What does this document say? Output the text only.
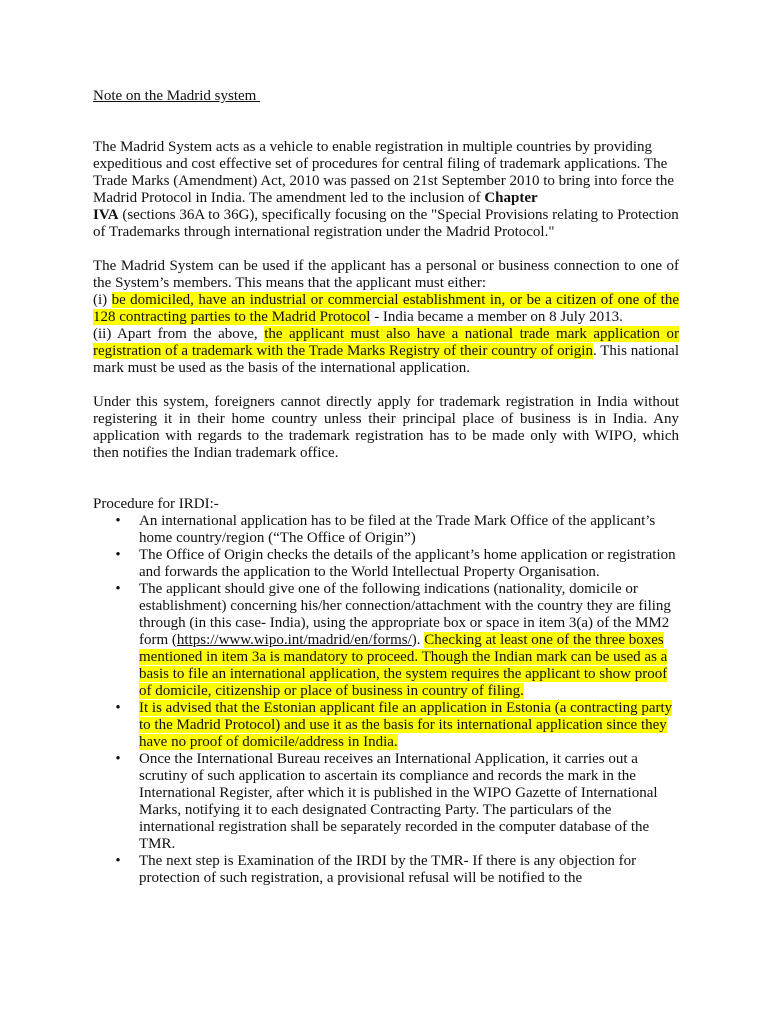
Note on the Madrid system

The Madrid System acts as a vehicle to enable registration in multiple countries by providing expeditious and cost effective set of procedures for central filing of trademark applications. The Trade Marks (Amendment) Act, 2010 was passed on 21st September 2010 to bring into force the Madrid Protocol in India. The amendment led to the inclusion of Chapter
IVA (sections 36A to 36G), specifically focusing on the "Special Provisions relating to Protection of Trademarks through international registration under the Madrid Protocol."

The Madrid System can be used if the applicant has a personal or business connection to one of the System’s members. This means that the applicant must either:
(i) be domiciled, have an industrial or commercial establishment in, or be a citizen of one of the 128 contracting parties to the Madrid Protocol - India became a member on 8 July 2013.
(ii) Apart from the above, the applicant must also have a national trade mark application or registration of a trademark with the Trade Marks Registry of their country of origin. This national mark must be used as the basis of the international application.

Under this system, foreigners cannot directly apply for trademark registration in India without registering it in their home country unless their principal place of business is in India. Any application with regards to the trademark registration has to be made only with WIPO, which then notifies the Indian trademark office.

Procedure for IRDI:-
• An international application has to be filed at the Trade Mark Office of the applicant’s home country/region (“The Office of Origin”)
• The Office of Origin checks the details of the applicant’s home application or registration and forwards the application to the World Intellectual Property Organisation.
• The applicant should give one of the following indications (nationality, domicile or establishment) concerning his/her connection/attachment with the country they are filing through (in this case- India), using the appropriate box or space in item 3(a) of the MM2 form (https://www.wipo.int/madrid/en/forms/). Checking at least one of the three boxes mentioned in item 3a is mandatory to proceed. Though the Indian mark can be used as a basis to file an international application, the system requires the applicant to show proof of domicile, citizenship or place of business in country of filing.
• It is advised that the Estonian applicant file an application in Estonia (a contracting party to the Madrid Protocol) and use it as the basis for its international application since they have no proof of domicile/address in India.
• Once the International Bureau receives an International Application, it carries out a scrutiny of such application to ascertain its compliance and records the mark in the International Register, after which it is published in the WIPO Gazette of International Marks, notifying it to each designated Contracting Party. The particulars of the international registration shall be separately recorded in the computer database of the TMR.
• The next step is Examination of the IRDI by the TMR- If there is any objection for protection of such registration, a provisional refusal will be notified to the
